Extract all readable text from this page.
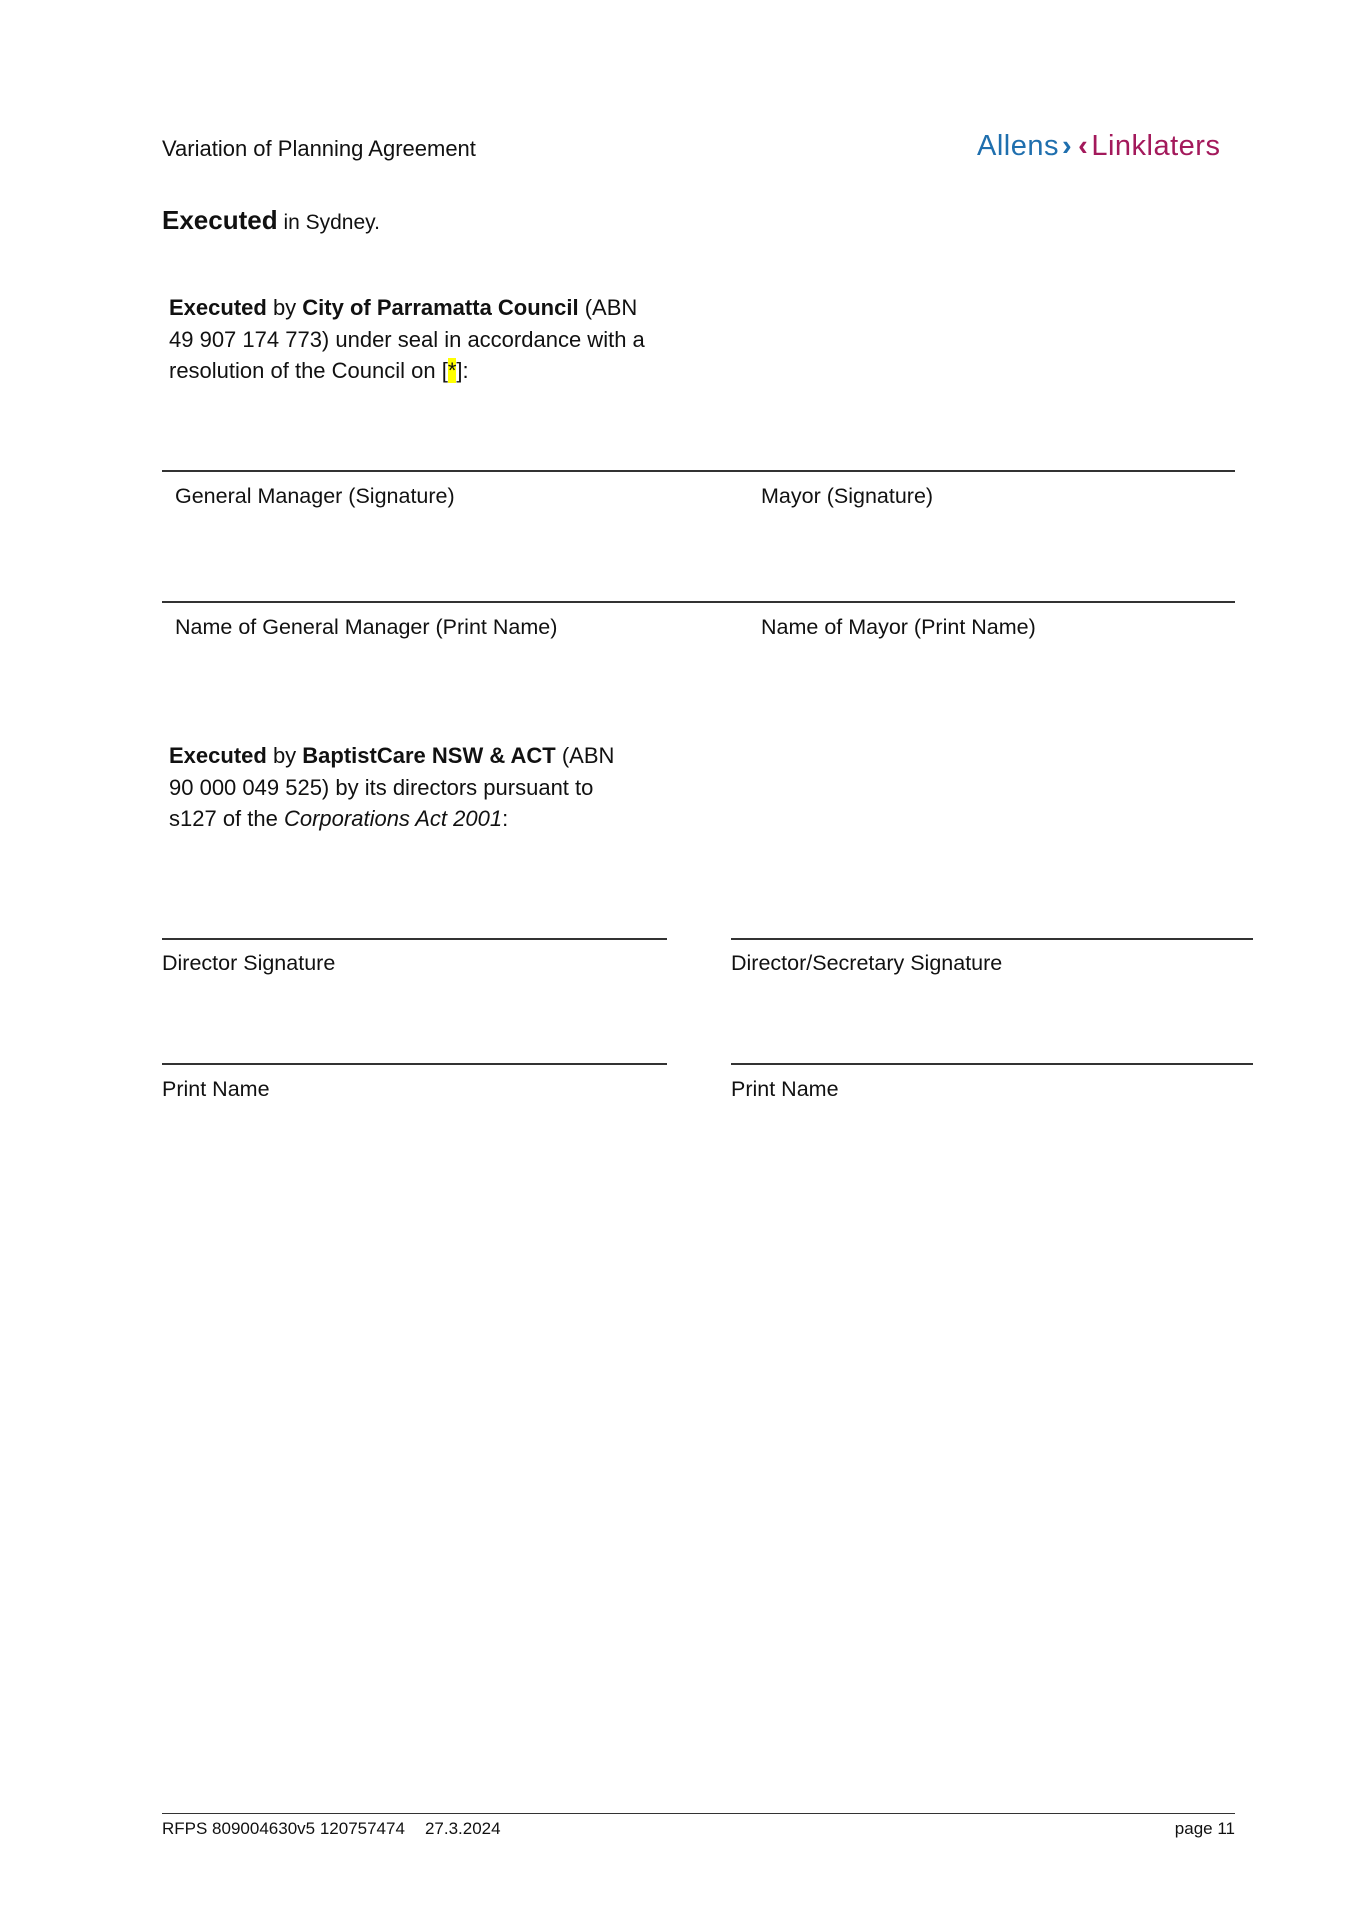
Variation of Planning Agreement	Allens › ‹ Linklaters
Executed in Sydney.
Executed by City of Parramatta Council (ABN
49 907 174 773) under seal in accordance with a
resolution of the Council on [*]:
General Manager (Signature)	Mayor (Signature)
Name of General Manager (Print Name)	Name of Mayor (Print Name)
Executed by BaptistCare NSW & ACT (ABN
90 000 049 525) by its directors pursuant to
s127 of the Corporations Act 2001:
Director Signature	Director/Secretary Signature
Print Name	Print Name
RFPS 809004630v5 120757474 27.3.2024	page 11
